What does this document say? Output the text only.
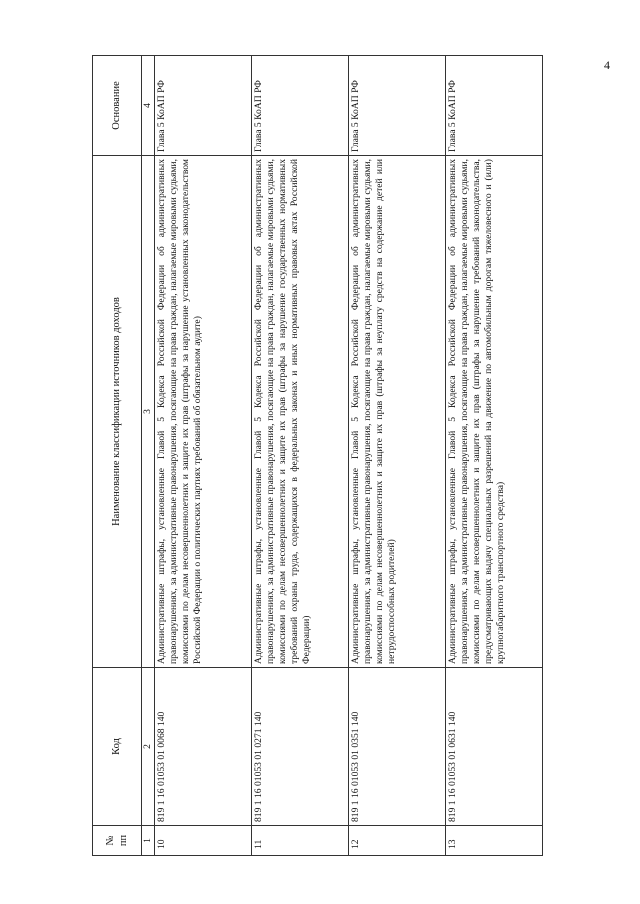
4
№ пп	Код	Наименование классификации источников доходов	Основание
1	2	3	4
10	819 1 16 01053 01 0068 140	Административные штрафы, установленные Главой 5 Кодекса Российской Федерации об административных правонарушениях, за административные правонарушения, посягающие на права граждан, налагаемые мировыми судьями, комиссиями по делам несовершеннолетних и защите их прав (штрафы за нарушение установленных законодательством Российской Федерации о политических партиях требований об обязательном аудите)	Глава 5 КоАП РФ
11	819 1 16 01053 01 0271 140	Административные штрафы, установленные Главой 5 Кодекса Российской Федерации об административных правонарушениях, за административные правонарушения, посягающие на права граждан, налагаемые мировыми судьями, комиссиями по делам несовершеннолетних и защите их прав (штрафы за нарушение государственных нормативных требований охраны труда, содержащихся в федеральных законах и иных нормативных правовых актах Российской Федерации)	Глава 5 КоАП РФ
12	819 1 16 01053 01 0351 140	Административные штрафы, установленные Главой 5 Кодекса Российской Федерации об административных правонарушениях, за административные правонарушения, посягающие на права граждан, налагаемые мировыми судьями, комиссиями по делам несовершеннолетних и защите их прав (штрафы за неуплату средств на содержание детей или нетрудоспособных родителей)	Глава 5 КоАП РФ
13	819 1 16 01053 01 0631 140	Административные штрафы, установленные Главой 5 Кодекса Российской Федерации об административных правонарушениях, за административные правонарушения, посягающие на права граждан, налагаемые мировыми судьями, комиссиями по делам несовершеннолетних и защите их прав (штрафы за нарушение требований законодательства, предусматривающих выдачу специальных разрешений на движение по автомобильным дорогам тяжеловесного и (или) крупногабаритного транспортного средства)	Глава 5 КоАП РФ
